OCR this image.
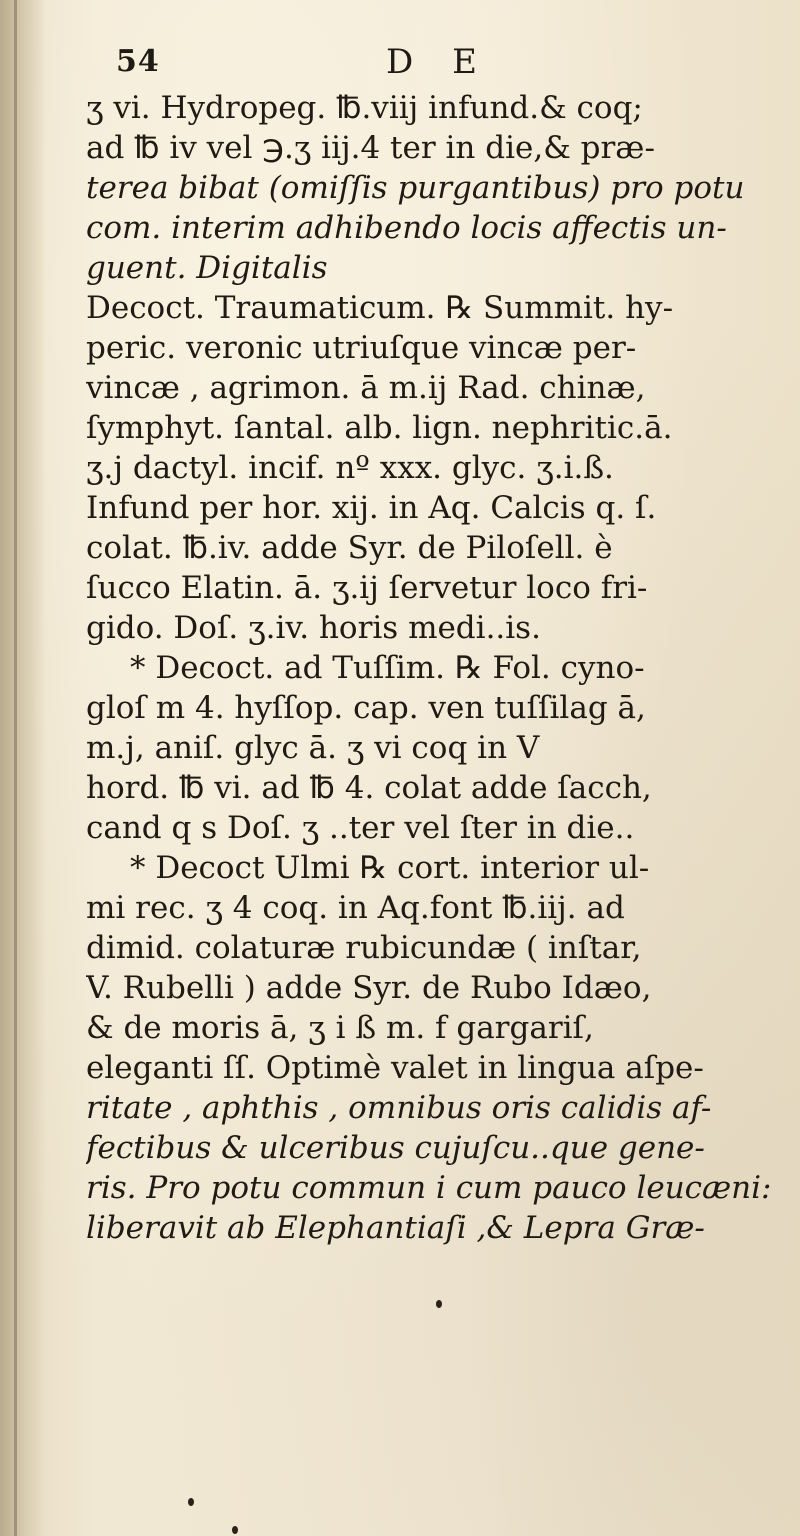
54	D E
ʒ vi. Hydropeg. ℔.viij infund.& coq;
ad ℔ iv vel ℈.ʒ iij.4 ter in die,& præ-
terea bibat (omiſſis purgantibus) pro potu
com. interim adhibendo locis affectis un-
guent. Digitalis
Decoct. Traumaticum. ℞ Summit. hy-
peric. veronic utriuſque vincæ per-
vincæ , agrimon. ā m.ij Rad. chinæ,
ſymphyt. ſantal. alb. lign. nephritic.ā.
ʒ.j dactyl. incif. nº xxx. glyc. ʒ.i.ß.
Infund per hor. xij. in Aq. Calcis q. ſ.
colat. ℔.iv. adde Syr. de Piloſell. è
ſucco Elatin. ā. ʒ.ij ſervetur loco fri-
gido. Doſ. ʒ.iv. horis medi..is.
* Decoct. ad Tuſſim. ℞ Fol. cyno-
gloſ m 4. hyſſop. cap. ven tuſſilag ā,
m.j, aniſ. glyc ā. ʒ vi coq in V
hord. ℔ vi. ad ℔ 4. colat adde ſacch,
cand q s Doſ. ʒ ..ter vel ſter in die..
* Decoct Ulmi ℞ cort. interior ul-
mi rec. ʒ 4 coq. in Aq.font ℔.iij. ad
dimid. colaturæ rubicundæ ( inſtar,
V. Rubelli ) adde Syr. de Rubo Idæo,
& de moris ā, ʒ i ß m. f gargariſ,
eleganti ſſ. Optimè valet in lingua aſpe-
ritate , aphthis , omnibus oris calidis af-
fectibus & ulceribus cujuſcu..que gene-
ris. Pro potu commun i cum pauco leucæni:
liberavit ab Elephantiaſi ,& Lepra Græ-
